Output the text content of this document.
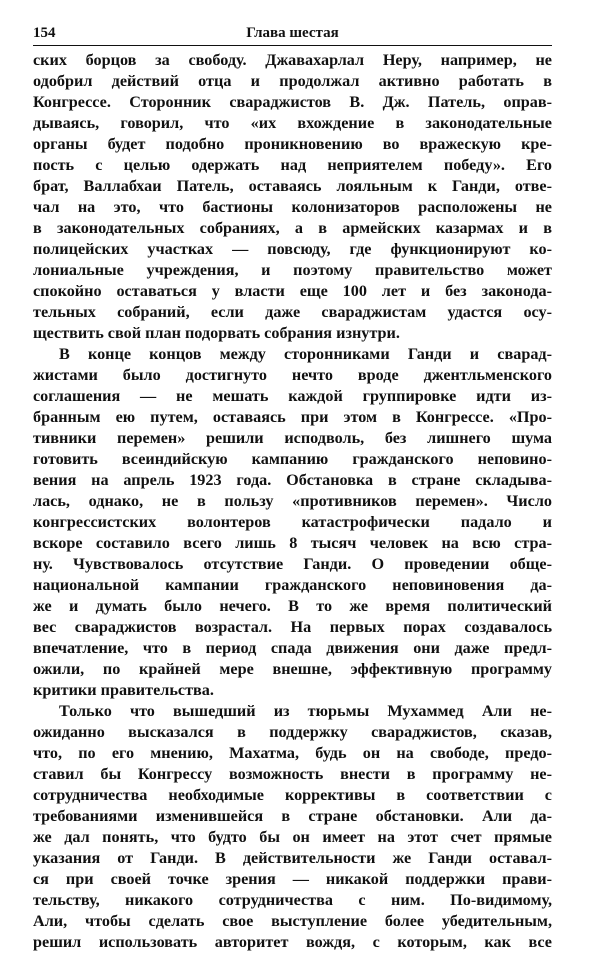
154	Глава шестая
ских борцов за свободу. Джавахарлал Неру, например, не
одобрил действий отца и продолжал активно работать в
Конгрессе. Сторонник свараджистов В. Дж. Патель, оправ-
дываясь, говорил, что «их вхождение в законодательные
органы будет подобно проникновению во вражескую кре-
пость с целью одержать над неприятелем победу». Его
брат, Валлабхаи Патель, оставаясь лояльным к Ганди, отве-
чал на это, что бастионы колонизаторов расположены не
в законодательных собраниях, а в армейских казармах и в
полицейских участках — повсюду, где функционируют ко-
лониальные учреждения, и поэтому правительство может
спокойно оставаться у власти еще 100 лет и без законода-
тельных собраний, если даже свараджистам удастся осу-
ществить свой план подорвать собрания изнутри.
В конце концов между сторонниками Ганди и сварад-
жистами было достигнуто нечто вроде джентльменского
соглашения — не мешать каждой группировке идти из-
бранным ею путем, оставаясь при этом в Конгрессе. «Про-
тивники перемен» решили исподволь, без лишнего шума
готовить всеиндийскую кампанию гражданского неповино-
вения на апрель 1923 года. Обстановка в стране складыва-
лась, однако, не в пользу «противников перемен». Число
конгрессистских волонтеров катастрофически падало и
вскоре составило всего лишь 8 тысяч человек на всю стра-
ну. Чувствовалось отсутствие Ганди. О проведении обще-
национальной кампании гражданского неповиновения да-
же и думать было нечего. В то же время политический
вес свараджистов возрастал. На первых порах создавалось
впечатление, что в период спада движения они даже предл-
ожили, по крайней мере внешне, эффективную программу
критики правительства.
Только что вышедший из тюрьмы Мухаммед Али не-
ожиданно высказался в поддержку свараджистов, сказав,
что, по его мнению, Махатма, будь он на свободе, предо-
ставил бы Конгрессу возможность внести в программу не-
сотрудничества необходимые коррективы в соответствии с
требованиями изменившейся в стране обстановки. Али да-
же дал понять, что будто бы он имеет на этот счет прямые
указания от Ганди. В действительности же Ганди оставал-
ся при своей точке зрения — никакой поддержки прави-
тельству, никакого сотрудничества с ним. По-видимому,
Али, чтобы сделать свое выступление более убедительным,
решил использовать авторитет вождя, с которым, как все
